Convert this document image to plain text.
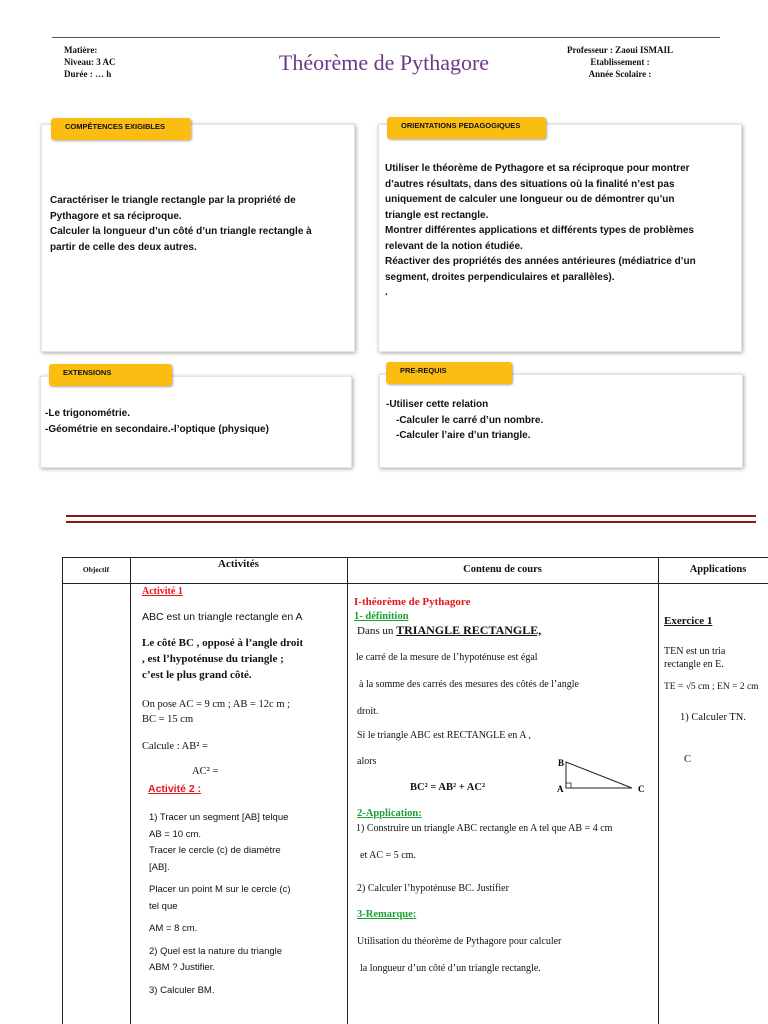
Matière:
Niveau: 3 AC
Durée : … h	Théorème de Pythagore	Professeur : Zaoui ISMAIL
Etablissement :
Année Scolaire :
Caractériser le triangle rectangle par la propriété de
Pythagore et sa réciproque.
Calculer la longueur d’un côté d’un triangle rectangle à
partir de celle des deux autres.
COMPÊTENCES EXIGIBLES
Utiliser le théorème de Pythagore et sa réciproque pour montrer
d’autres résultats, dans des situations où la finalité n’est pas
uniquement de calculer une longueur ou de démontrer qu’un
triangle est rectangle.
Montrer différentes applications et différents types de problèmes
relevant de la notion étudiée.
Réactiver des propriétés des années antérieures (médiatrice d’un
segment, droites perpendiculaires et parallèles).
.
ORIENTATIONS PEDAGOGIQUES
-Le trigonométrie.
-Géométrie en secondaire.-l’optique (physique)
EXTENSIONS
-Utiliser cette relation
-Calculer le carré d’un nombre.
-Calculer l’aire d’un triangle.
PRE-REQUIS
Objectif	Activités	Contenu de cours	Applications
Activité 1
ABC est un triangle rectangle en A
Le côté BC , opposé à l’angle droit
, est l’hypoténuse du triangle ;
c’est le plus grand côté.
On pose AC = 9 cm ; AB = 12c m ;
BC = 15 cm
Calcule : AB² =
AC² =
Activité 2 :
1) Tracer un segment [AB] telque
AB = 10 cm.
Tracer le cercle (c) de diamètre
[AB].
Placer un point M sur le cercle (c)
tel que
AM = 8 cm.
2) Quel est la nature du triangle
ABM ? Justifier.
3) Calculer BM.
I-théorème de Pythagore
1- définition
Dans un TRIANGLE RECTANGLE,
le carré de la mesure de l’hypoténuse est égal
à la somme des carrés des mesures des côtés de l’angle
droit.
Si le triangle ABC est RECTANGLE en A ,
alors
BC² = AB² + AC²
B
A	C
2-Application:
1) Construire un triangle ABC rectangle en A tel que AB = 4 cm
et AC = 5 cm.
2) Calculer l’hypoténuse BC. Justifier
3-Remarque:
Utilisation du théorème de Pythagore pour calculer
la longueur d’un côté d’un triangle rectangle.
Exercice 1
TEN est un tria
rectangle en E.
TE = √5 cm ; EN = 2 cm
1) Calculer TN.
C
